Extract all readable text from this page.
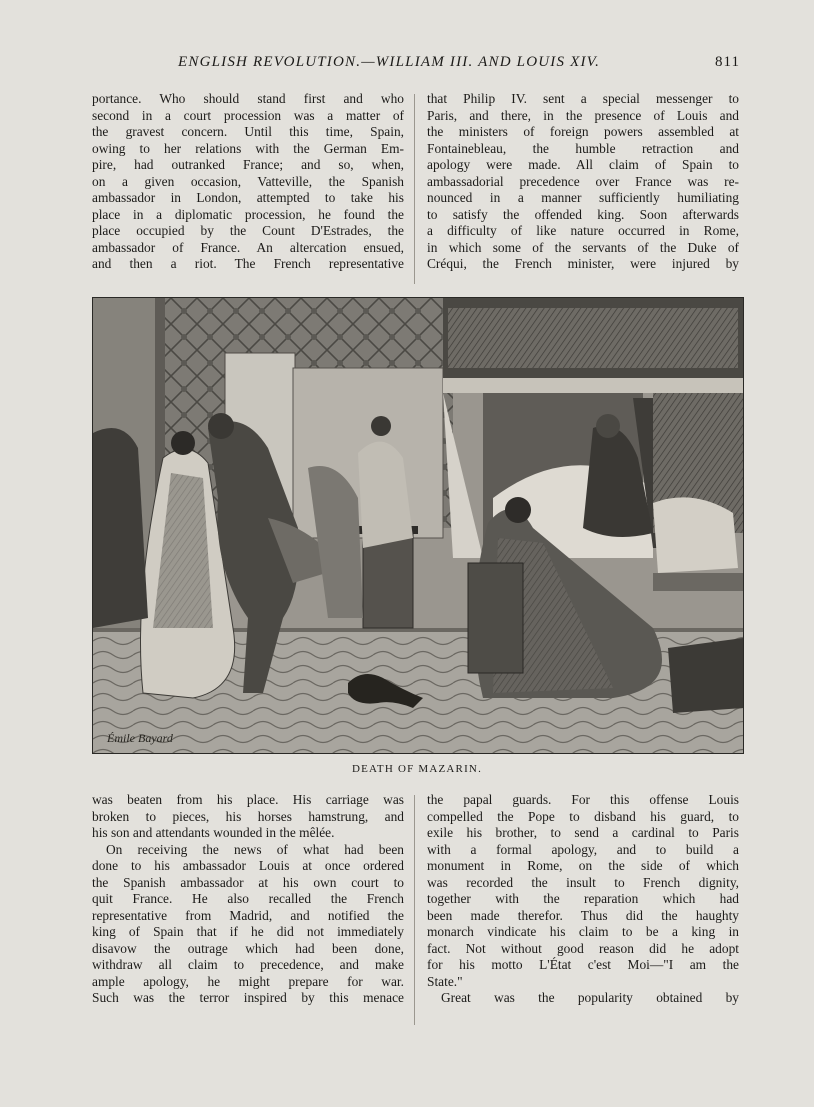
ENGLISH REVOLUTION.—WILLIAM III. AND LOUIS XIV.	811
portance. Who should stand first and who
second in a court procession was a matter of
the gravest concern. Until this time, Spain,
owing to her relations with the German Em-
pire, had outranked France; and so, when,
on a given occasion, Vatteville, the Spanish
ambassador in London, attempted to take his
place in a diplomatic procession, he found the
place occupied by the Count D'Estrades, the
ambassador of France. An altercation ensued,
and then a riot. The French representative
that Philip IV. sent a special messenger to
Paris, and there, in the presence of Louis and
the ministers of foreign powers assembled at
Fontainebleau, the humble retraction and
apology were made. All claim of Spain to
ambassadorial precedence over France was re-
nounced in a manner sufficiently humiliating
to satisfy the offended king. Soon afterwards
a difficulty of like nature occurred in Rome,
in which some of the servants of the Duke of
Créqui, the French minister, were injured by
Émile Bayard
DEATH OF MAZARIN.
was beaten from his place. His carriage was
broken to pieces, his horses hamstrung, and
his son and attendants wounded in the mêlée.
On receiving the news of what had been
done to his ambassador Louis at once ordered
the Spanish ambassador at his own court to
quit France. He also recalled the French
representative from Madrid, and notified the
king of Spain that if he did not immediately
disavow the outrage which had been done,
withdraw all claim to precedence, and make
ample apology, he might prepare for war.
Such was the terror inspired by this menace
the papal guards. For this offense Louis
compelled the Pope to disband his guard, to
exile his brother, to send a cardinal to Paris
with a formal apology, and to build a
monument in Rome, on the side of which
was recorded the insult to French dignity,
together with the reparation which had
been made therefor. Thus did the haughty
monarch vindicate his claim to be a king in
fact. Not without good reason did he adopt
for his motto L'État c'est Moi—"I am the
State."
Great was the popularity obtained by
